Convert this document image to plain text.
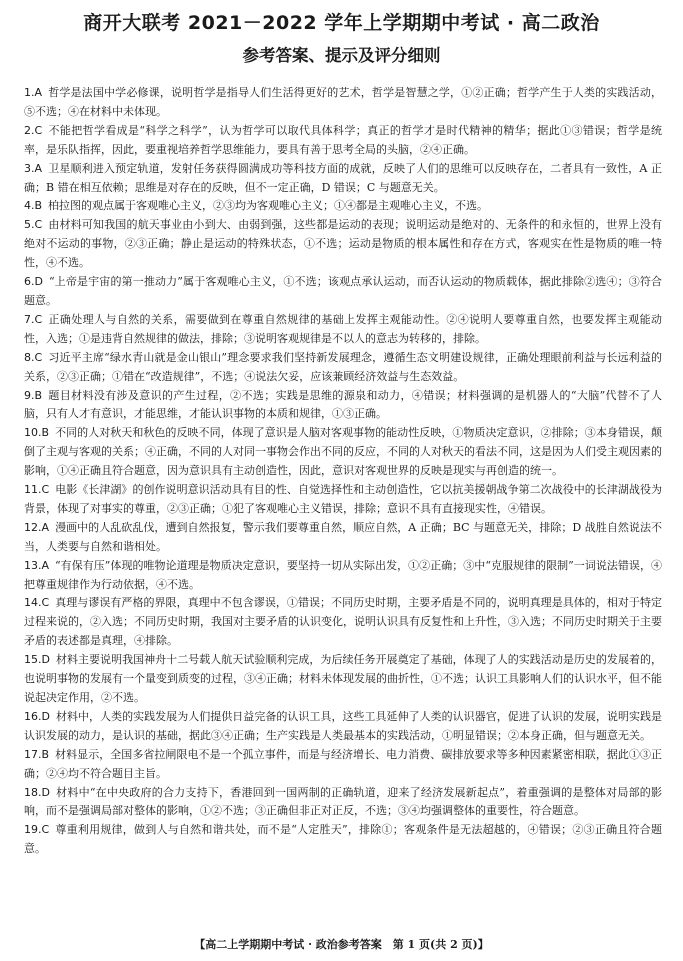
商开大联考 2021－2022 学年上学期期中考试 · 高二政治
参考答案、提示及评分细则

1.A 哲学是法国中学必修课，说明哲学是指导人们生活得更好的艺术，哲学是智慧之学，①②正确；哲学产生于人类的实践活动，⑤不选；④在材料中未体现。

2.C 不能把哲学看成是“科学之科学”，认为哲学可以取代具体科学；真正的哲学才是时代精神的精华；据此①③错误；哲学是统率，是乐队指挥，因此，要重视培养哲学思维能力，要具有善于思考全局的头脑，②④正确。

3.A 卫星顺利进入预定轨道，发射任务获得圆满成功等科技方面的成就，反映了人们的思维可以反映存在，二者具有一致性，A 正确；B 错在相互依赖；思维是对存在的反映，但不一定正确，D 错误；C 与题意无关。

4.B 柏拉图的观点属于客观唯心主义，②③均为客观唯心主义；①④都是主观唯心主义，不选。

5.C 由材料可知我国的航天事业由小到大、由弱到强，这些都是运动的表现；说明运动是绝对的、无条件的和永恒的，世界上没有绝对不运动的事物，②③正确；静止是运动的特殊状态，①不选；运动是物质的根本属性和存在方式，客观实在性是物质的唯一特性，④不选。

6.D “上帝是宇宙的第一推动力”属于客观唯心主义，①不选；该观点承认运动，而否认运动的物质载体，据此排除②选④；③符合题意。

7.C 正确处理人与自然的关系，需要做到在尊重自然规律的基础上发挥主观能动性。②④说明人要尊重自然，也要发挥主观能动性，入选；①是违背自然规律的做法，排除；③说明客观规律是不以人的意志为转移的，排除。

8.C 习近平主席“绿水青山就是金山银山”理念要求我们坚持新发展理念，遵循生态文明建设规律，正确处理眼前利益与长远利益的关系，②③正确；①错在“改造规律”，不选；④说法欠妥，应该兼顾经济效益与生态效益。

9.B 题目材料没有涉及意识的产生过程，②不选；实践是思维的源泉和动力，④错误；材料强调的是机器人的“大脑”代替不了人脑，只有人才有意识，才能思维，才能认识事物的本质和规律，①③正确。

10.B 不同的人对秋天和秋色的反映不同，体现了意识是人脑对客观事物的能动性反映，①物质决定意识，②排除；③本身错误，颠倒了主观与客观的关系；④正确，不同的人对同一事物会作出不同的反应，不同的人对秋天的看法不同，这是因为人们受主观因素的影响，①④正确且符合题意，因为意识具有主动创造性，因此，意识对客观世界的反映是现实与再创造的统一。

11.C 电影《长津湖》的创作说明意识活动具有目的性、自觉选择性和主动创造性，它以抗美援朝战争第二次战役中的长津湖战役为背景，体现了对事实的尊重，②③正确；①犯了客观唯心主义错误，排除；意识不具有直接现实性，④错误。

12.A 漫画中的人乱砍乱伐，遭到自然报复，警示我们要尊重自然，顺应自然，A 正确；BC 与题意无关，排除；D 战胜自然说法不当，人类要与自然和谐相处。

13.A “有保有压”体现的唯物论道理是物质决定意识，要坚持一切从实际出发，①②正确；③中“克服规律的限制”一词说法错误，④把尊重规律作为行动依据，④不选。

14.C 真理与谬误有严格的界限，真理中不包含谬误，①错误；不同历史时期，主要矛盾是不同的，说明真理是具体的，相对于特定过程来说的，②入选；不同历史时期，我国对主要矛盾的认识变化，说明认识具有反复性和上升性，③入选；不同历史时期关于主要矛盾的表述都是真理，④排除。

15.D 材料主要说明我国神舟十二号载人航天试验顺利完成，为后续任务开展奠定了基础，体现了人的实践活动是历史的发展着的，也说明事物的发展有一个量变到质变的过程，③④正确；材料未体现发展的曲折性，①不选；认识工具影响人们的认识水平，但不能说起决定作用，②不选。

16.D 材料中，人类的实践发展为人们提供日益完备的认识工具，这些工具延伸了人类的认识器官，促进了认识的发展，说明实践是认识发展的动力，是认识的基础，据此③④正确；生产实践是人类最基本的实践活动，①明显错误；②本身正确，但与题意无关。

17.B 材料显示，全国多省拉闸限电不是一个孤立事件，而是与经济增长、电力消费、碳排放要求等多种因素紧密相联，据此①③正确；②④均不符合题目主旨。

18.D 材料中“在中央政府的合力支持下，香港回到一国两制的正确轨道，迎来了经济发展新起点”，着重强调的是整体对局部的影响，而不是强调局部对整体的影响，①②不选；③正确但非正对正反，不选；③④均强调整体的重要性，符合题意。

19.C 尊重利用规律，做到人与自然和谐共处，而不是“人定胜天”，排除①；客观条件是无法超越的，④错误；②③正确且符合题意。

【高二上学期期中考试 · 政治参考答案　第 1 页(共 2 页)】
